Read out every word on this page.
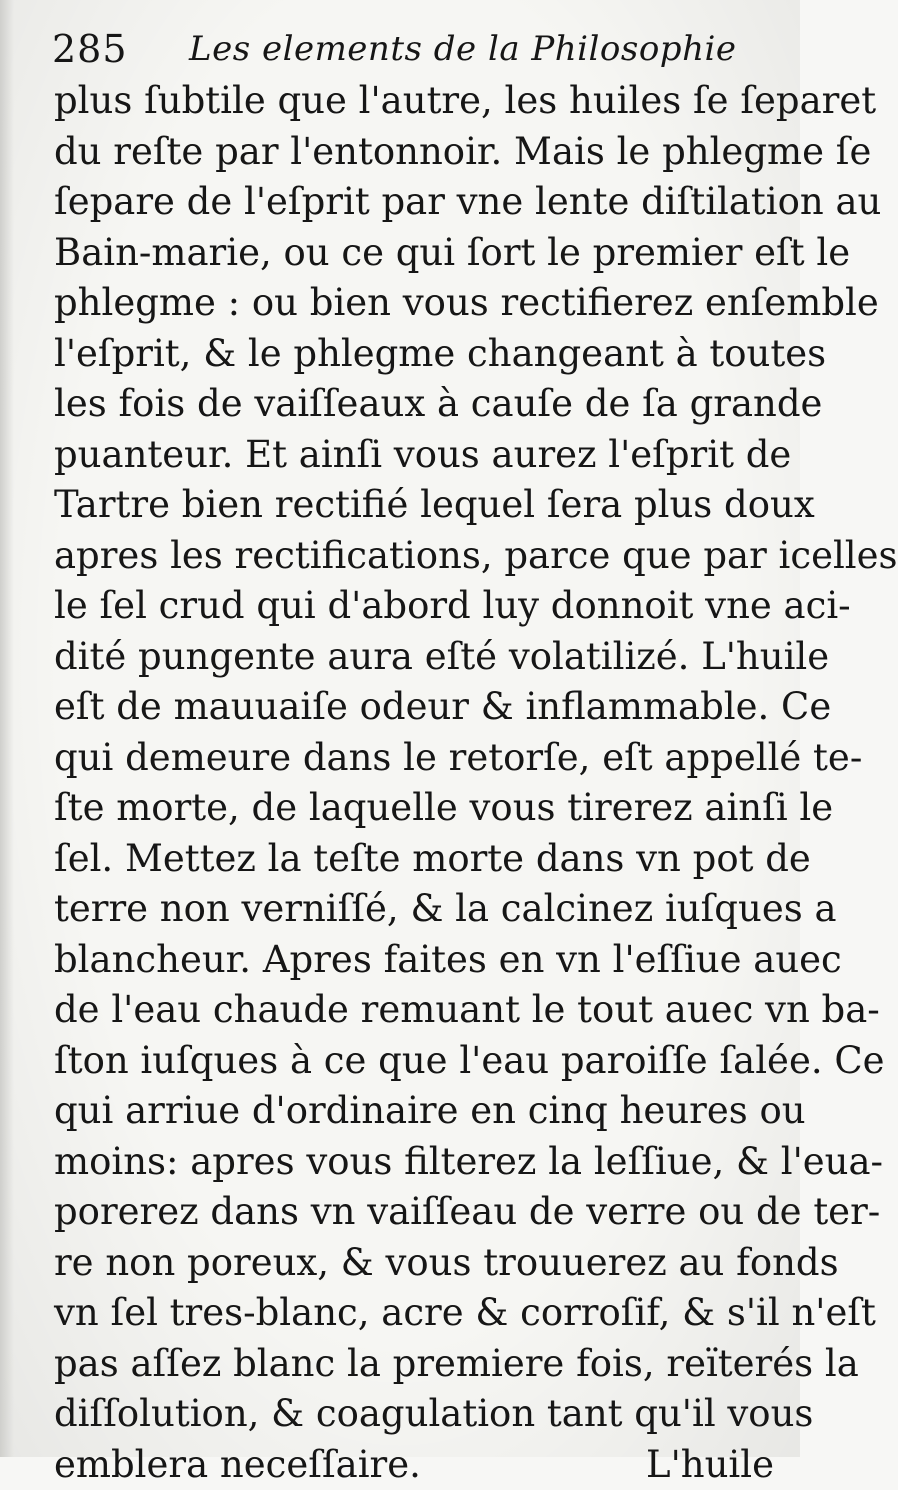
285 Les elements de la Philosophie
plus ſubtile que l'autre, les huiles ſe ſeparet
du reſte par l'entonnoir. Mais le phlegme ſe
ſepare de l'eſprit par vne lente diſtilation au
Bain-marie, ou ce qui ſort le premier eſt le
phlegme : ou bien vous rectifierez enſemble
l'eſprit, & le phlegme changeant à toutes
les fois de vaiſſeaux à cauſe de ſa grande
puanteur. Et ainſi vous aurez l'eſprit de
Tartre bien rectifié lequel ſera plus doux
apres les rectifications, parce que par icelles
le ſel crud qui d'abord luy donnoit vne aci-
dité pungente aura eſté volatilizé. L'huile
eſt de mauuaiſe odeur & inflammable. Ce
qui demeure dans le retorſe, eſt appellé te-
ſte morte, de laquelle vous tirerez ainſi le
ſel. Mettez la teſte morte dans vn pot de
terre non verniſſé, & la calcinez iuſques a
blancheur. Apres faites en vn l'eſſiue auec
de l'eau chaude remuant le tout auec vn ba-
ſton iuſques à ce que l'eau paroiſſe ſalée. Ce
qui arriue d'ordinaire en cinq heures ou
moins: apres vous filterez la leſſiue, & l'eua-
porerez dans vn vaiſſeau de verre ou de ter-
re non poreux, & vous trouuerez au fonds
vn ſel tres-blanc, acre & corroſif, & s'il n'eſt
pas aſſez blanc la premiere fois, reïterés la
diſſolution, & coagulation tant qu'il vous
emblera neceſſaire.	L'huile
